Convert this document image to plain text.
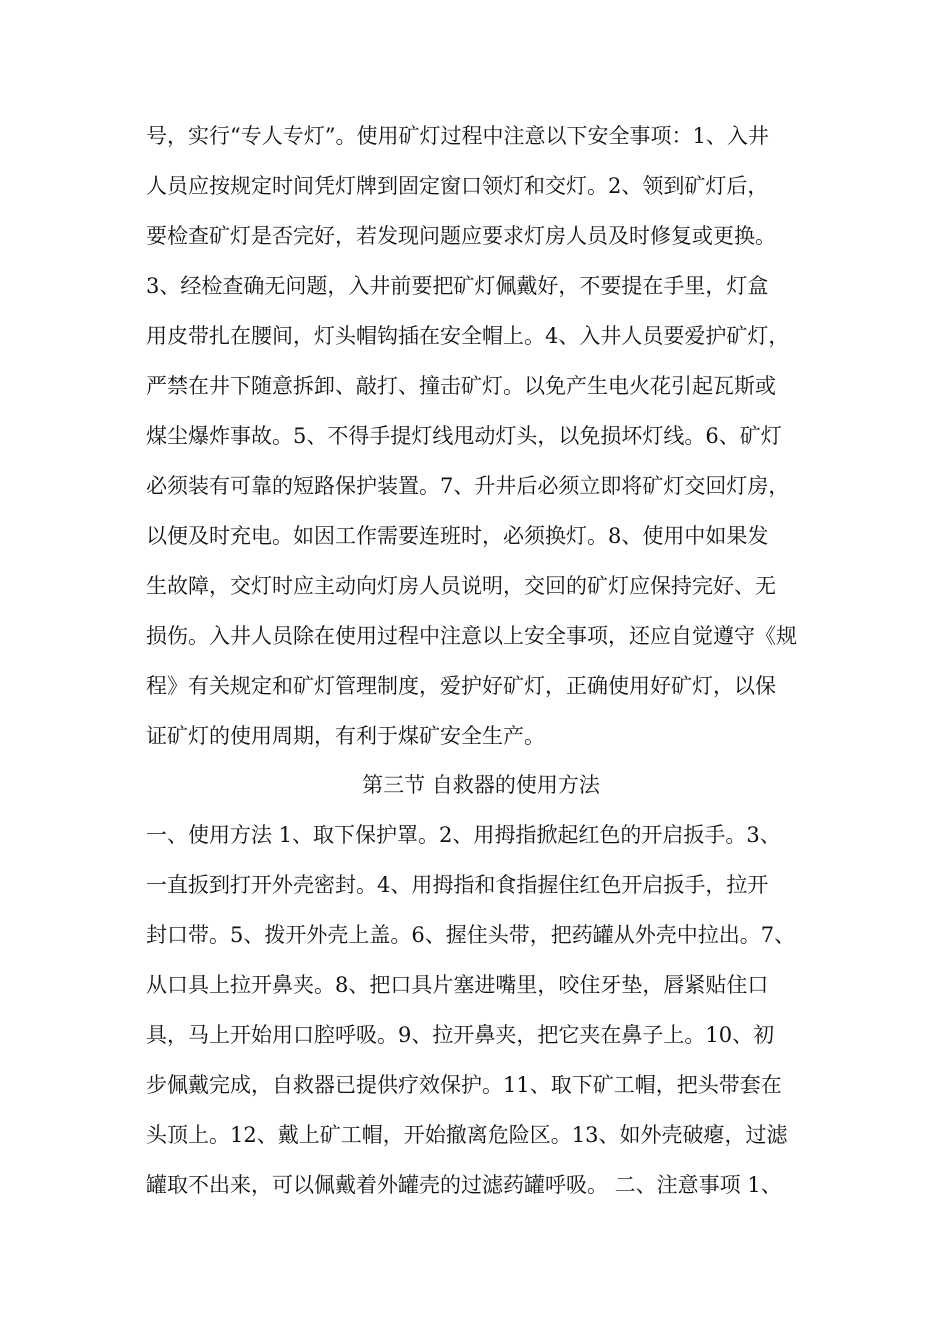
号，实行“专人专灯”。使用矿灯过程中注意以下安全事项：1、入井
人员应按规定时间凭灯牌到固定窗口领灯和交灯。2、领到矿灯后，
要检查矿灯是否完好，若发现问题应要求灯房人员及时修复或更换。
3、经检查确无问题，入井前要把矿灯佩戴好，不要提在手里，灯盒
用皮带扎在腰间，灯头帽钩插在安全帽上。4、入井人员要爱护矿灯，
严禁在井下随意拆卸、敲打、撞击矿灯。以免产生电火花引起瓦斯或
煤尘爆炸事故。5、不得手提灯线甩动灯头，以免损坏灯线。6、矿灯
必须装有可靠的短路保护装置。7、升井后必须立即将矿灯交回灯房，
以便及时充电。如因工作需要连班时，必须换灯。8、使用中如果发
生故障，交灯时应主动向灯房人员说明，交回的矿灯应保持完好、无
损伤。入井人员除在使用过程中注意以上安全事项，还应自觉遵守《规
程》有关规定和矿灯管理制度，爱护好矿灯，正确使用好矿灯，以保
证矿灯的使用周期，有利于煤矿安全生产。
第三节 自救器的使用方法
一、使用方法 1、取下保护罩。2、用拇指掀起红色的开启扳手。3、
一直扳到打开外壳密封。4、用拇指和食指握住红色开启扳手，拉开
封口带。5、拨开外壳上盖。6、握住头带，把药罐从外壳中拉出。7、
从口具上拉开鼻夹。8、把口具片塞进嘴里，咬住牙垫，唇紧贴住口
具，马上开始用口腔呼吸。9、拉开鼻夹，把它夹在鼻子上。10、初
步佩戴完成，自救器已提供疗效保护。11、取下矿工帽，把头带套在
头顶上。12、戴上矿工帽，开始撤离危险区。13、如外壳破瘪，过滤
罐取不出来，可以佩戴着外罐壳的过滤药罐呼吸。 二、注意事项 1、
